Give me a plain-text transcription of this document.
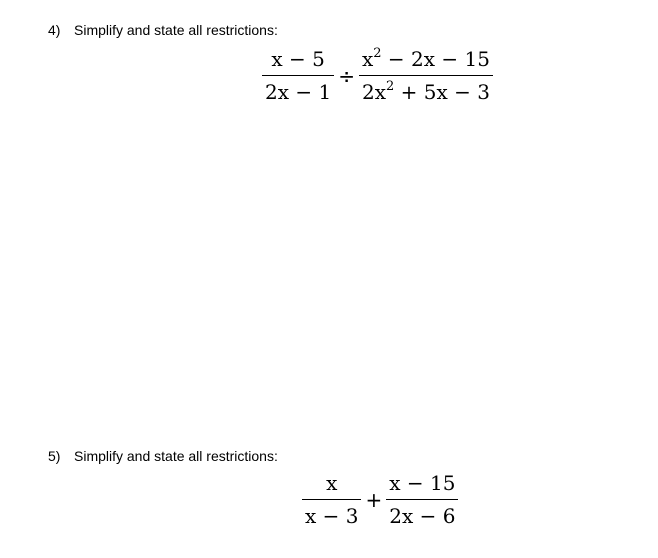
4) Simplify and state all restrictions:
$\frac{x - 5}{2x - 1} \div \frac{x^2 - 2x - 15}{2x^2 + 5x - 3}$
5) Simplify and state all restrictions:
$\frac{x}{x - 3} + \frac{x - 15}{2x - 6}$
